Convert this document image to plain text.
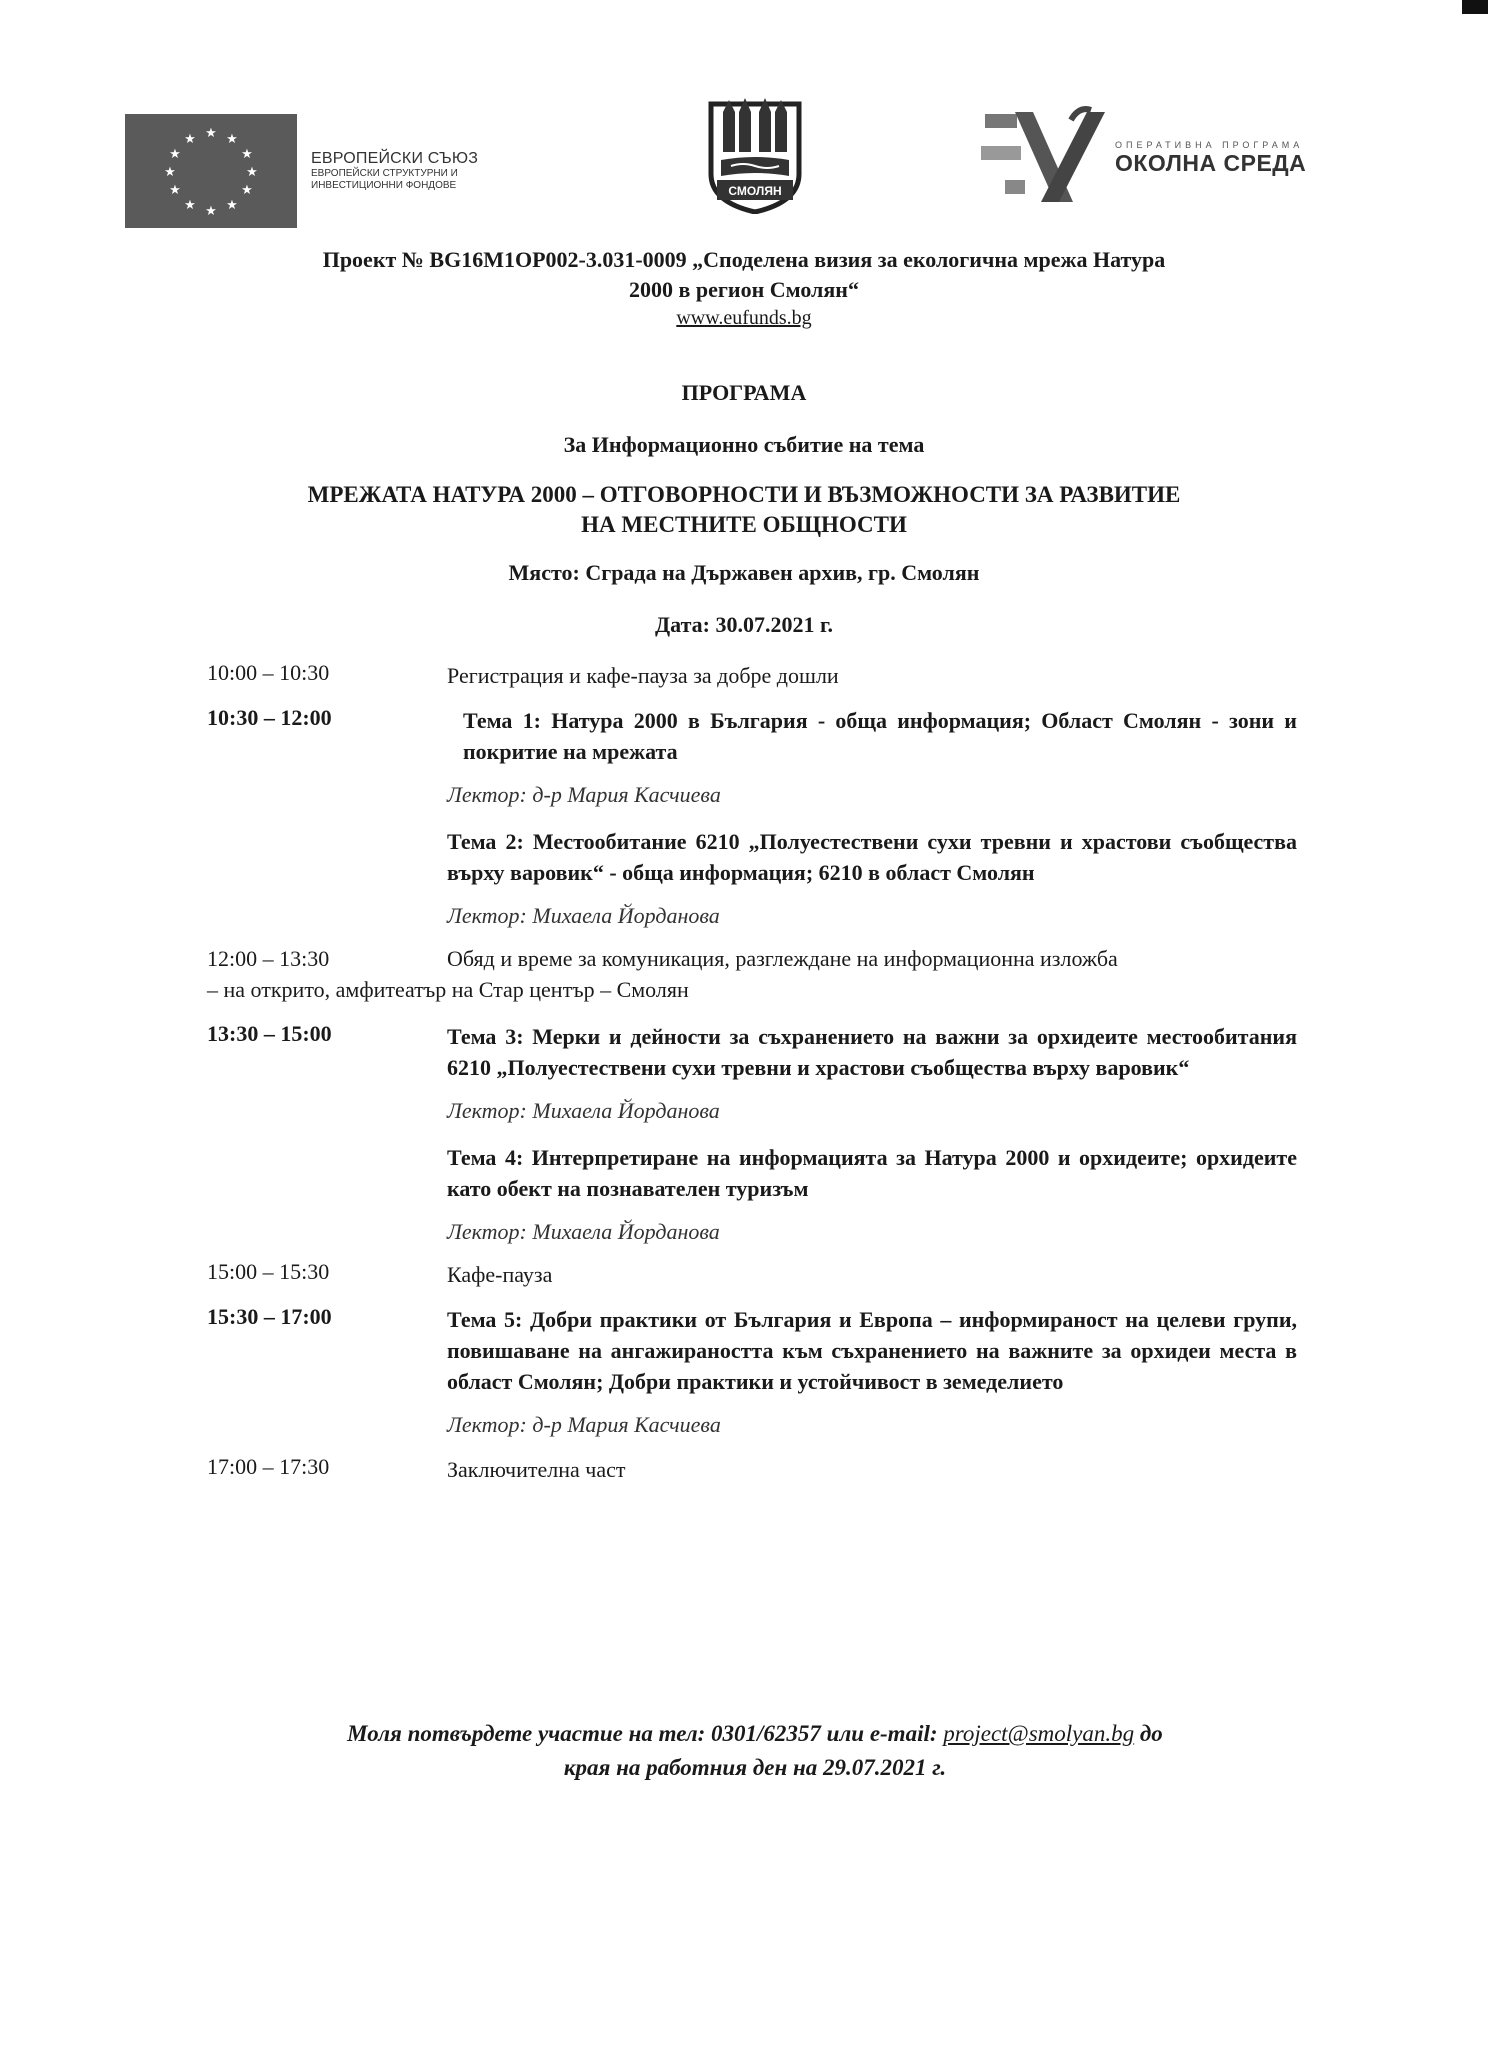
★ ★
★
★
★
★
★
★
★
★
★
★
ЕВРОПЕЙСКИ СЪЮЗ
ЕВРОПЕЙСКИ СТРУКТУРНИ И
ИНВЕСТИЦИОННИ ФОНДОВЕ	СМОЛЯН
ОПЕРАТИВНА ПРОГРАМА
ОКОЛНА СРЕДА
Проект № BG16M1OP002-3.031-0009 „Споделена визия за екологична мрежа Натура
2000 в регион Смолян“
www.eufunds.bg
ПРОГРАМА
За Информационно събитие на тема
МРЕЖАТА НАТУРА 2000 – ОТГОВОРНОСТИ И ВЪЗМОЖНОСТИ ЗА РАЗВИТИЕ
НА МЕСТНИТЕ ОБЩНОСТИ
Място: Сграда на Държавен архив, гр. Смолян
Дата: 30.07.2021 г.
10:00 – 10:30	Регистрация и кафе-пауза за добре дошли
10:30 – 12:00	Тема 1: Натура 2000 в България - обща информация; Област Смолян - зони и покритие на мрежата
Лектор: д-р Мария Касчиева
Тема 2: Местообитание 6210 „Полуестествени сухи тревни и храстови съобщества върху варовик“ - обща информация; 6210 в област Смолян
Лектор: Михаела Йорданова
12:00 – 13:30	Обяд и време за комуникация, разглеждане на информационна изложба
– на открито, амфитеатър на Стар център – Смолян
13:30 – 15:00	Тема 3: Мерки и дейности за съхранението на важни за орхидеите местообитания 6210 „Полуестествени сухи тревни и храстови съобщества върху варовик“
Лектор: Михаела Йорданова
Тема 4: Интерпретиране на информацията за Натура 2000 и орхидеите; орхидеите като обект на познавателен туризъм
Лектор: Михаела Йорданова
15:00 – 15:30	Кафе-пауза
15:30 – 17:00	Тема 5: Добри практики от България и Европа – информираност на целеви групи, повишаване на ангажираността към съхранението на важните за орхидеи места в област Смолян; Добри практики и устойчивост в земеделието
Лектор: д-р Мария Касчиева
17:00 – 17:30	Заключителна част
Моля потвърдете участие на тел: 0301/62357 или e-mail: project@smolyan.bg до
края на работния ден на 29.07.2021 г.
